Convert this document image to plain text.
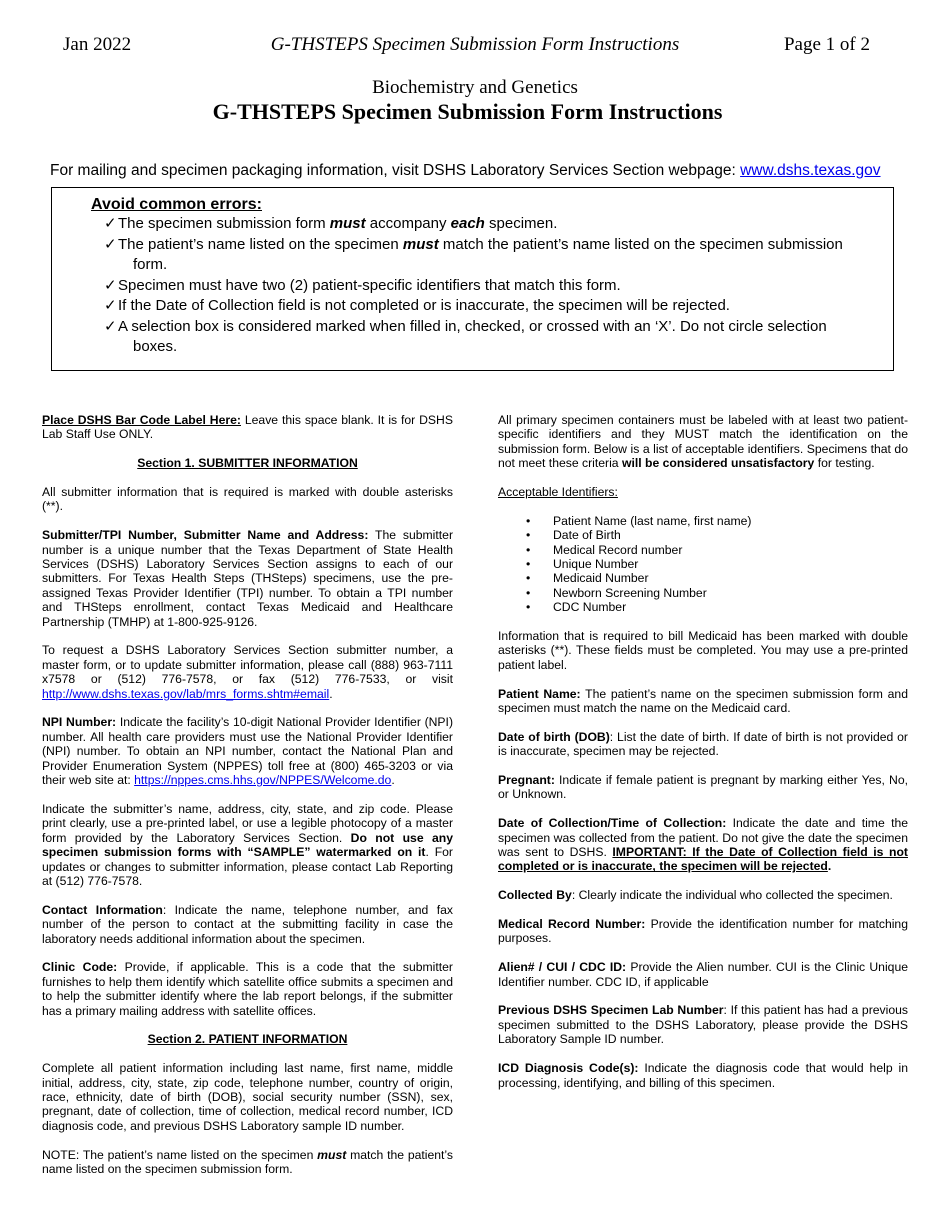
Jan 2022	G-THSTEPS Specimen Submission Form Instructions	Page 1 of 2
Biochemistry and Genetics
G-THSTEPS Specimen Submission Form Instructions
For mailing and specimen packaging information, visit DSHS Laboratory Services Section webpage: www.dshs.texas.gov
Avoid common errors:
✓The specimen submission form must accompany each specimen.
✓The patient’s name listed on the specimen must match the patient’s name listed on the specimen submission
form.
✓Specimen must have two (2) patient-specific identifiers that match this form.
✓If the Date of Collection field is not completed or is inaccurate, the specimen will be rejected.
✓A selection box is considered marked when filled in, checked, or crossed with an ‘X’. Do not circle selection
boxes.

Place DSHS Bar Code Label Here: Leave this space blank. It is for DSHS Lab Staff Use ONLY.

Section 1. SUBMITTER INFORMATION

All submitter information that is required is marked with double asterisks (**).

Submitter/TPI Number, Submitter Name and Address: The submitter number is a unique number that the Texas Department of State Health Services (DSHS) Laboratory Services Section assigns to each of our submitters. For Texas Health Steps (THSteps) specimens, use the pre-assigned Texas Provider Identifier (TPI) number. To obtain a TPI number and THSteps enrollment, contact Texas Medicaid and Healthcare Partnership (TMHP) at 1-800-925-9126.

To request a DSHS Laboratory Services Section submitter number, a master form, or to update submitter information, please call (888) 963-7111 x7578 or (512) 776-7578, or fax (512) 776-7533, or visit http://www.dshs.texas.gov/lab/mrs_forms.shtm#email.

NPI Number: Indicate the facility’s 10-digit National Provider Identifier (NPI) number. All health care providers must use the National Provider Identifier (NPI) number. To obtain an NPI number, contact the National Plan and Provider Enumeration System (NPPES) toll free at (800) 465-3203 or via their web site at: https://nppes.cms.hhs.gov/NPPES/Welcome.do.

Indicate the submitter’s name, address, city, state, and zip code. Please print clearly, use a pre-printed label, or use a legible photocopy of a master form provided by the Laboratory Services Section. Do not use any specimen submission forms with “SAMPLE” watermarked on it. For updates or changes to submitter information, please contact Lab Reporting at (512) 776-7578.

Contact Information: Indicate the name, telephone number, and fax number of the person to contact at the submitting facility in case the laboratory needs additional information about the specimen.

Clinic Code: Provide, if applicable. This is a code that the submitter furnishes to help them identify which satellite office submits a specimen and to help the submitter identify where the lab report belongs, if the submitter has a primary mailing address with satellite offices.

Section 2. PATIENT INFORMATION

Complete all patient information including last name, first name, middle initial, address, city, state, zip code, telephone number, country of origin, race, ethnicity, date of birth (DOB), social security number (SSN), sex, pregnant, date of collection, time of collection, medical record number, ICD diagnosis code, and previous DSHS Laboratory sample ID number.

NOTE: The patient’s name listed on the specimen must match the patient’s name listed on the specimen submission form.

All primary specimen containers must be labeled with at least two patient-specific identifiers and they MUST match the identification on the submission form. Below is a list of acceptable identifiers. Specimens that do not meet these criteria will be considered unsatisfactory for testing.

Acceptable Identifiers:

• Patient Name (last name, first name)
• Date of Birth
• Medical Record number
• Unique Number
• Medicaid Number
• Newborn Screening Number
• CDC Number

Information that is required to bill Medicaid has been marked with double asterisks (**). These fields must be completed. You may use a pre-printed patient label.

Patient Name: The patient’s name on the specimen submission form and specimen must match the name on the Medicaid card.

Date of birth (DOB): List the date of birth. If date of birth is not provided or is inaccurate, specimen may be rejected.

Pregnant: Indicate if female patient is pregnant by marking either Yes, No, or Unknown.

Date of Collection/Time of Collection: Indicate the date and time the specimen was collected from the patient. Do not give the date the specimen was sent to DSHS. IMPORTANT: If the Date of Collection field is not completed or is inaccurate, the specimen will be rejected.

Collected By: Clearly indicate the individual who collected the specimen.

Medical Record Number: Provide the identification number for matching purposes.

Alien# / CUI / CDC ID: Provide the Alien number. CUI is the Clinic Unique Identifier number. CDC ID, if applicable

Previous DSHS Specimen Lab Number: If this patient has had a previous specimen submitted to the DSHS Laboratory, please provide the DSHS Laboratory Sample ID number.

ICD Diagnosis Code(s): Indicate the diagnosis code that would help in processing, identifying, and billing of this specimen.
